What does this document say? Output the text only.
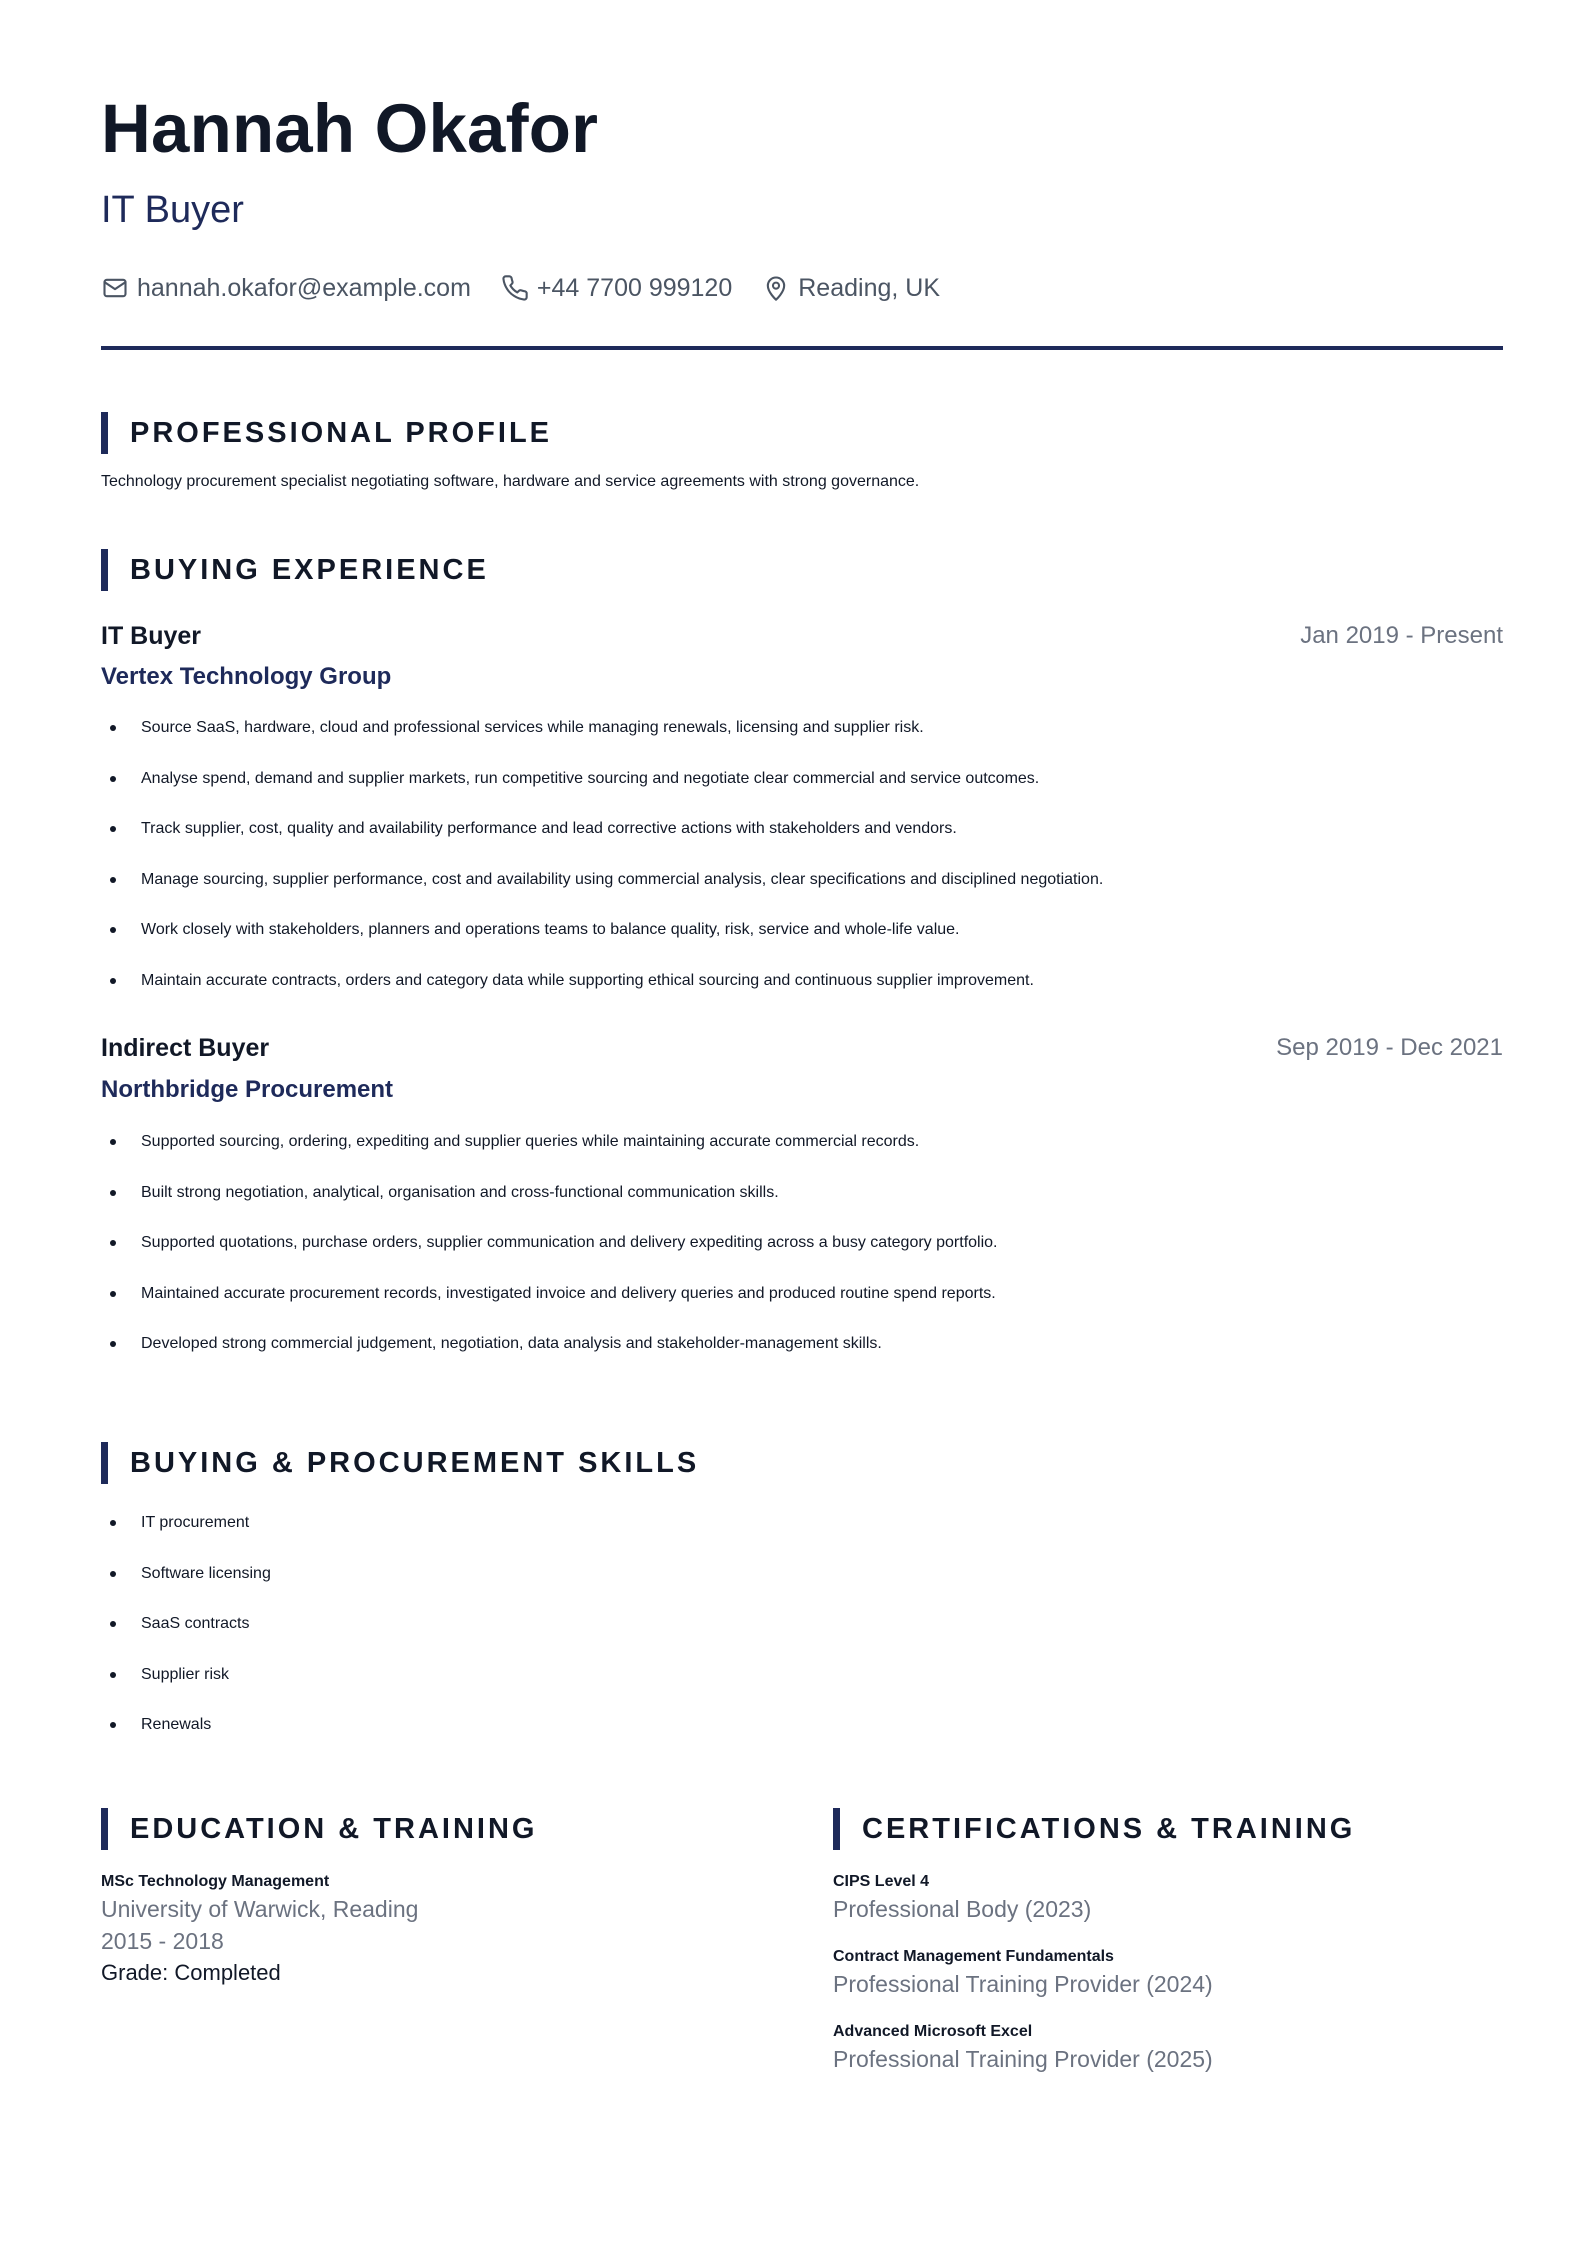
Hannah Okafor
IT Buyer
hannah.okafor@example.com	+44 7700 999120	Reading, UK
PROFESSIONAL PROFILE
Technology procurement specialist negotiating software, hardware and service agreements with strong governance.
BUYING EXPERIENCE
IT Buyer	Jan 2019 - Present
Vertex Technology Group
Source SaaS, hardware, cloud and professional services while managing renewals, licensing and supplier risk.
Analyse spend, demand and supplier markets, run competitive sourcing and negotiate clear commercial and service outcomes.
Track supplier, cost, quality and availability performance and lead corrective actions with stakeholders and vendors.
Manage sourcing, supplier performance, cost and availability using commercial analysis, clear specifications and disciplined negotiation.
Work closely with stakeholders, planners and operations teams to balance quality, risk, service and whole-life value.
Maintain accurate contracts, orders and category data while supporting ethical sourcing and continuous supplier improvement.
Indirect Buyer	Sep 2019 - Dec 2021
Northbridge Procurement
Supported sourcing, ordering, expediting and supplier queries while maintaining accurate commercial records.
Built strong negotiation, analytical, organisation and cross-functional communication skills.
Supported quotations, purchase orders, supplier communication and delivery expediting across a busy category portfolio.
Maintained accurate procurement records, investigated invoice and delivery queries and produced routine spend reports.
Developed strong commercial judgement, negotiation, data analysis and stakeholder-management skills.
BUYING & PROCUREMENT SKILLS
IT procurement
Software licensing
SaaS contracts
Supplier risk
Renewals
EDUCATION & TRAINING
MSc Technology Management
University of Warwick, Reading
2015 - 2018
Grade: Completed
CERTIFICATIONS & TRAINING
CIPS Level 4
Professional Body (2023)
Contract Management Fundamentals
Professional Training Provider (2024)
Advanced Microsoft Excel
Professional Training Provider (2025)
